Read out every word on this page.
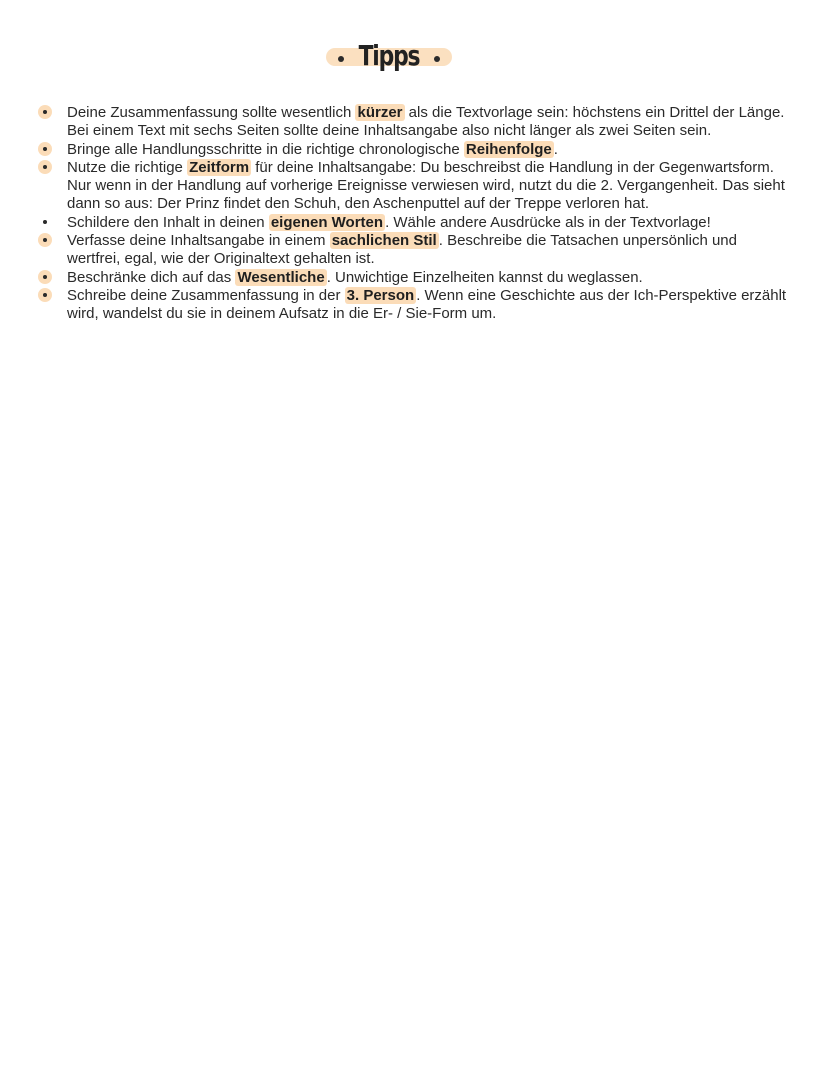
Tipps
Deine Zusammenfassung sollte wesentlich kürzer als die Textvorlage sein: höchstens ein Drittel der Länge. Bei einem Text mit sechs Seiten sollte deine Inhaltsangabe also nicht länger als zwei Seiten sein.
Bringe alle Handlungsschritte in die richtige chronologische Reihenfolge .
Nutze die richtige Zeitform für deine Inhaltsangabe: Du beschreibst die Handlung in der Gegenwartsform. Nur wenn in der Handlung auf vorherige Ereignisse verwiesen wird, nutzt du die 2. Vergangenheit. Das sieht dann so aus: Der Prinz findet den Schuh, den Aschenputtel auf der Treppe verloren hat.
Schildere den Inhalt in deinen eigenen Worten . Wähle andere Ausdrücke als in der Textvorlage!
Verfasse deine Inhaltsangabe in einem sachlichen Stil . Beschreibe die Tatsachen unpersönlich und wertfrei, egal, wie der Originaltext gehalten ist.
Beschränke dich auf das Wesentliche . Unwichtige Einzelheiten kannst du weglassen.
Schreibe deine Zusammenfassung in der 3. Person . Wenn eine Geschichte aus der Ich-Perspektive erzählt wird, wandelst du sie in deinem Aufsatz in die Er- / Sie-Form um.
